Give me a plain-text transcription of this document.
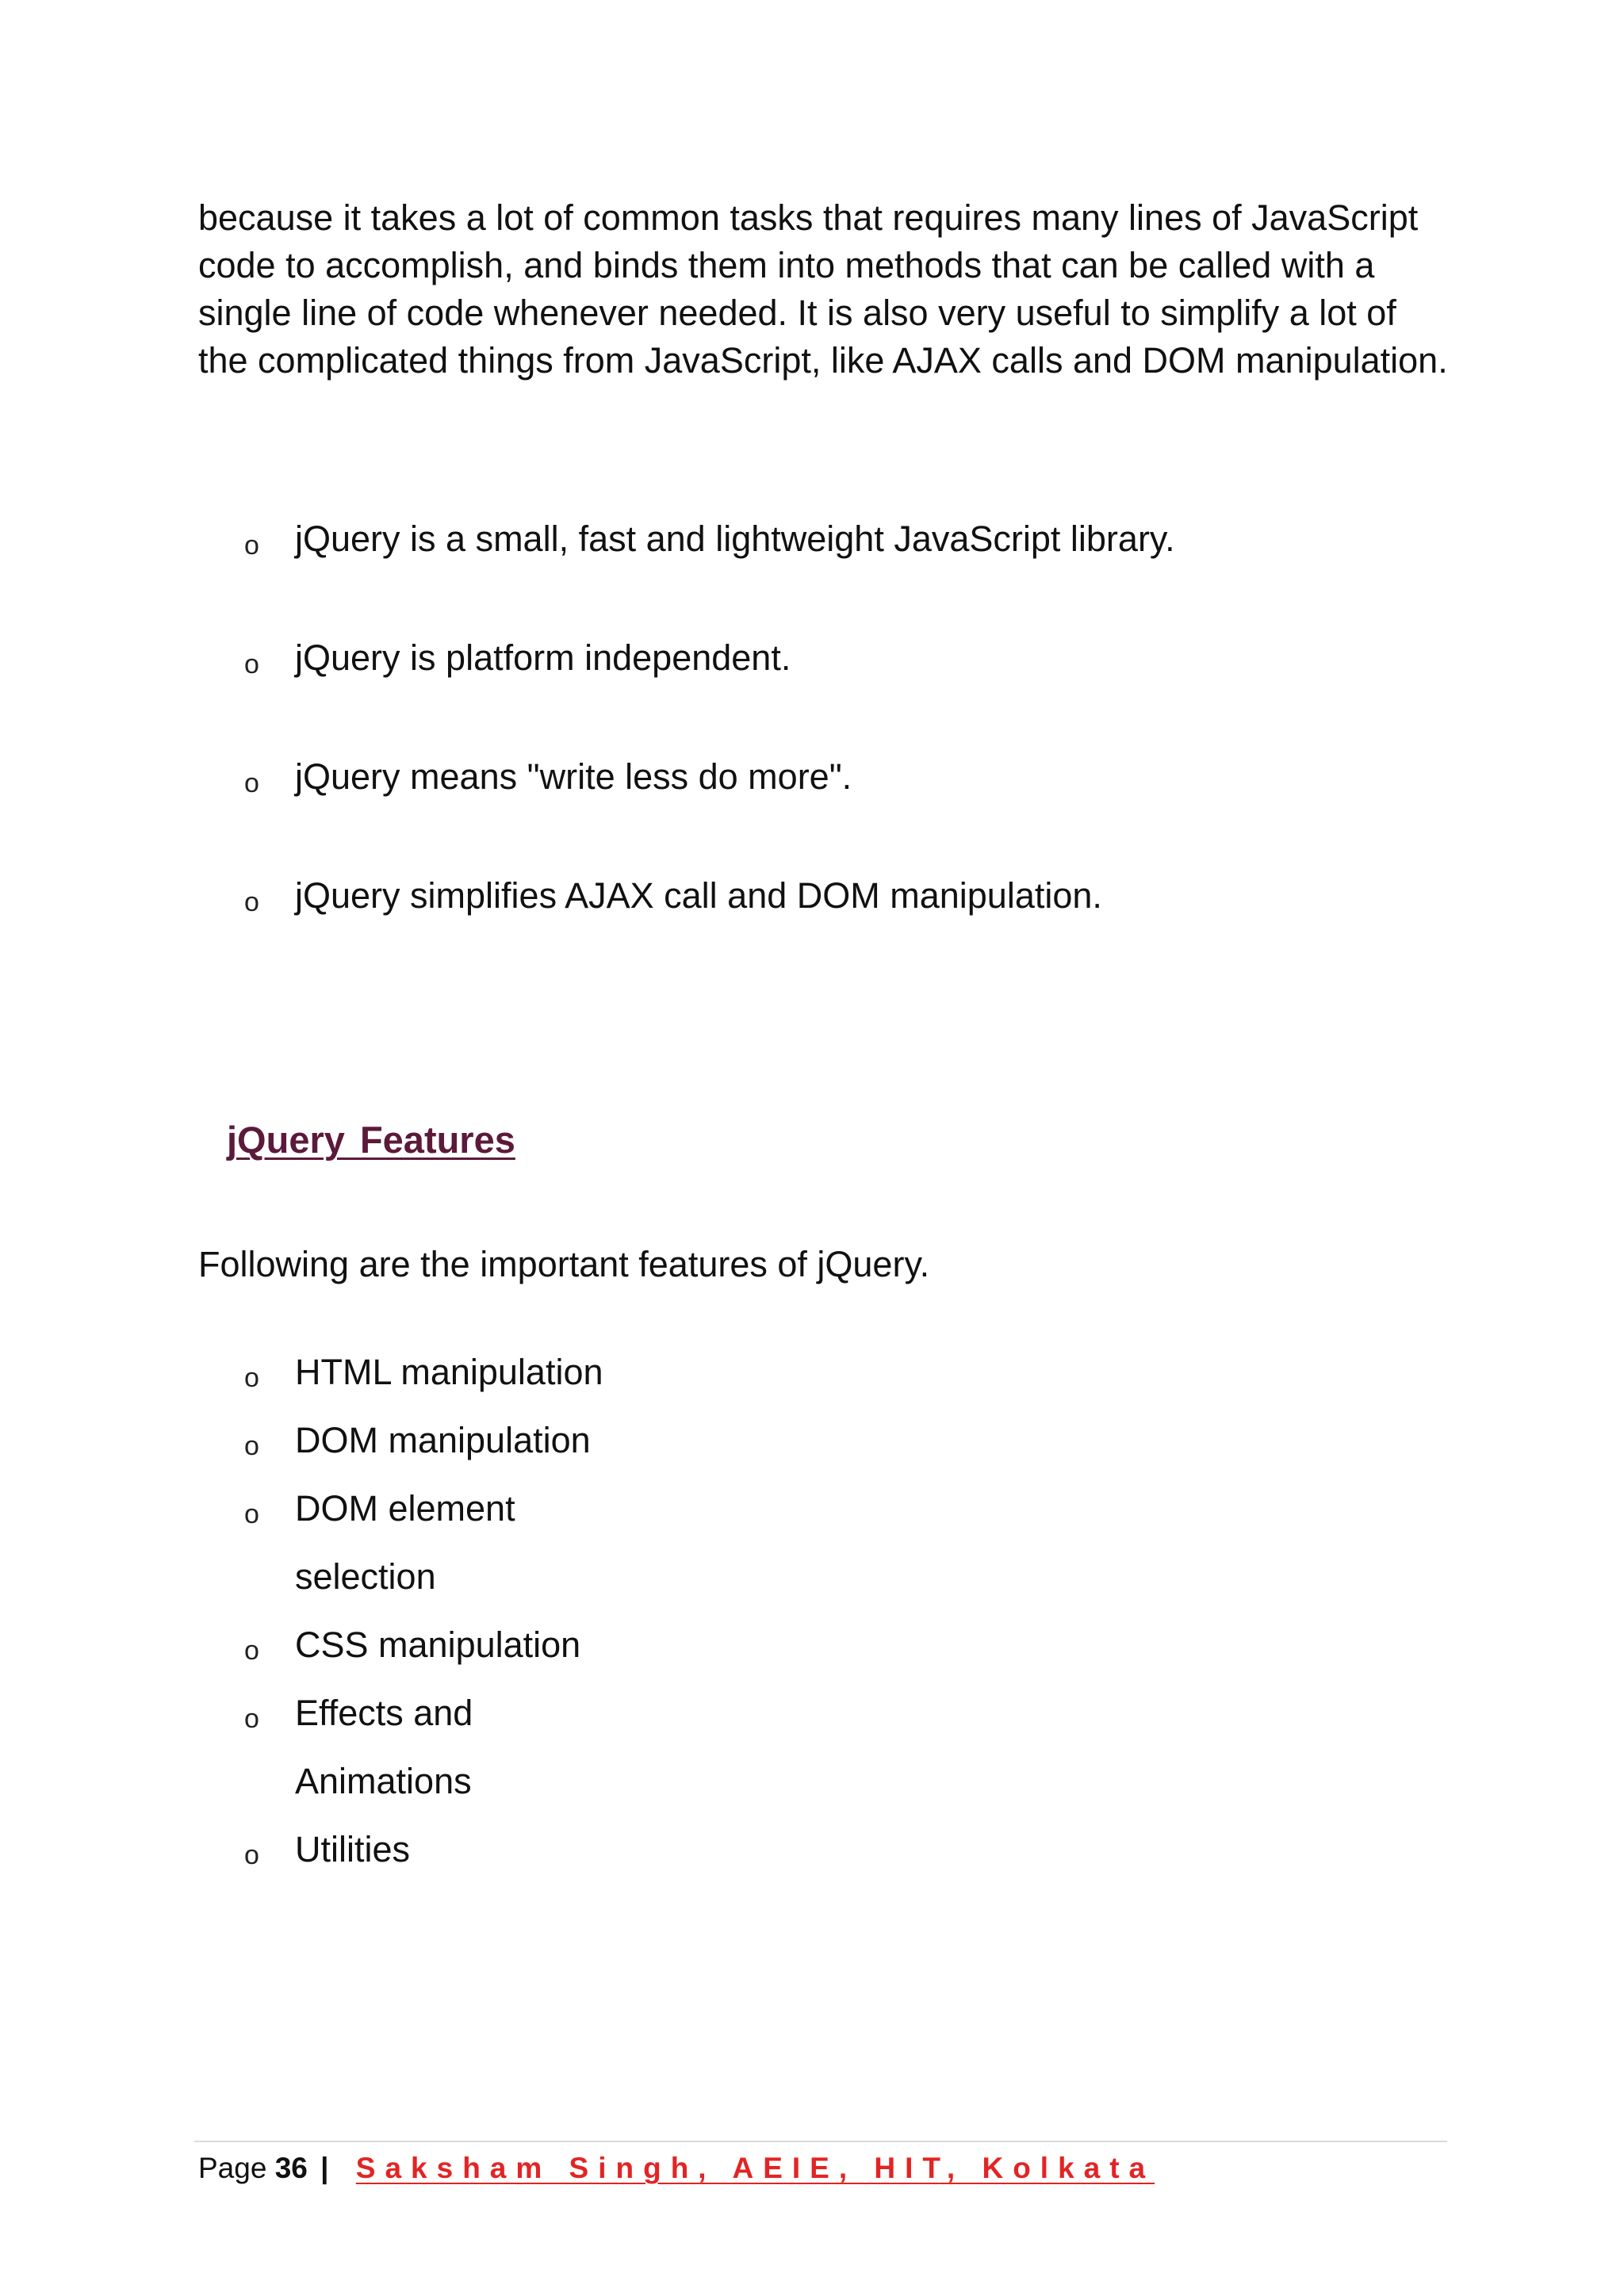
because it takes a lot of common tasks that requires many lines of JavaScript
code to accomplish, and binds them into methods that can be called with a
single line of code whenever needed. It is also very useful to simplify a lot of
the complicated things from JavaScript, like AJAX calls and DOM manipulation.
o jQuery is a small, fast and lightweight JavaScript library.
o jQuery is platform independent.
o jQuery means "write less do more".
o jQuery simplifies AJAX call and DOM manipulation.
jQuery Features

Following are the important features of jQuery.

o HTML manipulation
o DOM manipulation
o DOM element selection
o CSS manipulation
o Effects and Animations
o Utilities
Page 36 | Saksham Singh, AEIE, HIT, Kolkata
